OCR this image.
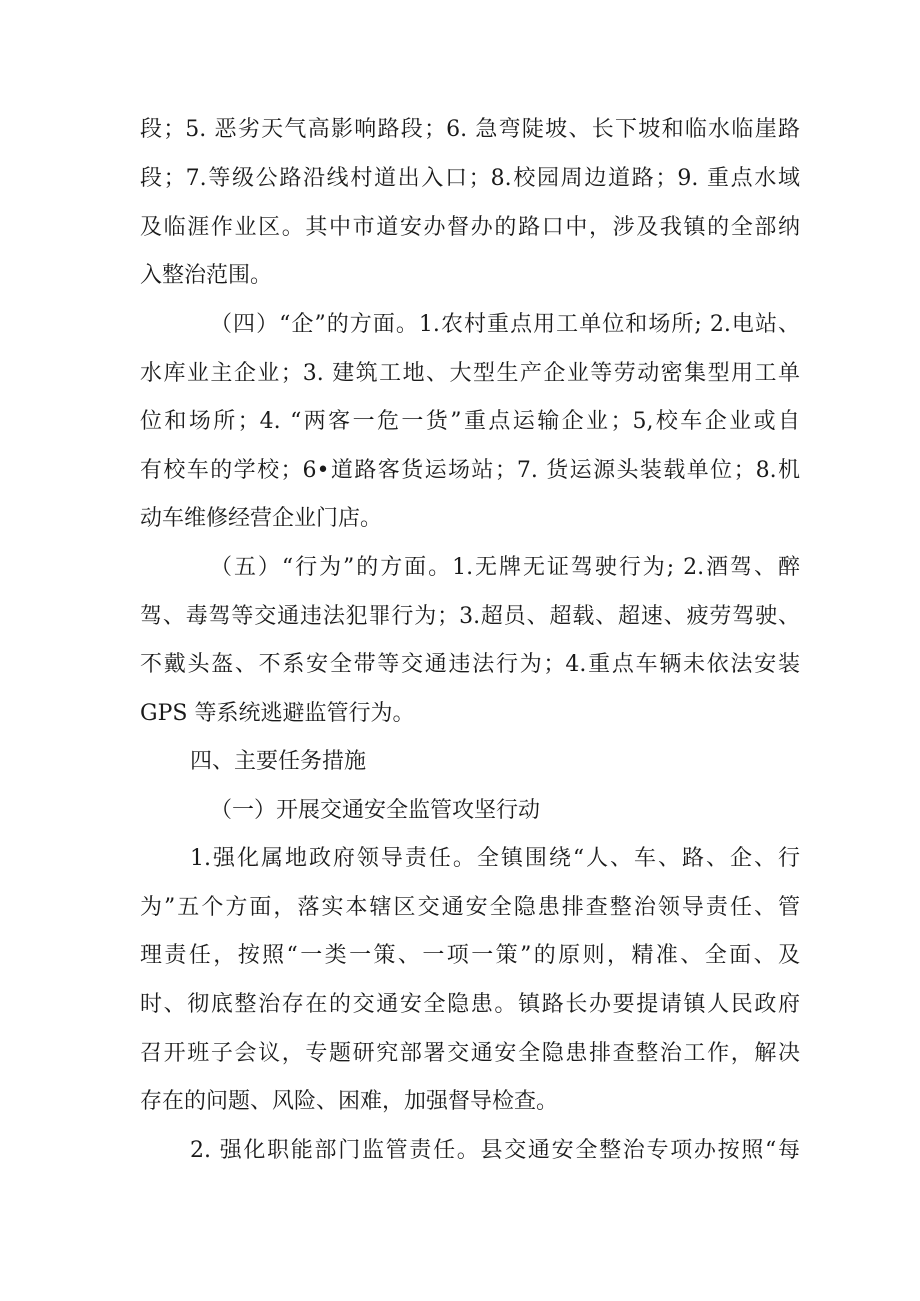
段；5. 恶劣天气高影响路段；6. 急弯陡坡、长下坡和临水临崖路
段；7.等级公路沿线村道出入口；8.校园周边道路；9. 重点水域
及临涯作业区。其中市道安办督办的路口中，涉及我镇的全部纳
入整治范围。
（四）“企”的方面。1.农村重点用工单位和场所; 2.电站、
水库业主企业；3. 建筑工地、大型生产企业等劳动密集型用工单
位和场所；4. “两客一危一货”重点运输企业；5,校车企业或自
有校车的学校；6•道路客货运场站；7. 货运源头装载单位；8.机
动车维修经营企业门店。
（五）“行为”的方面。1.无牌无证驾驶行为; 2.酒驾、醉
驾、毒驾等交通违法犯罪行为；3.超员、超载、超速、疲劳驾驶、
不戴头盔、不系安全带等交通违法行为；4.重点车辆未依法安装
GPS 等系统逃避监管行为。
四、主要任务措施
（一）开展交通安全监管攻坚行动
1.强化属地政府领导责任。全镇围绕“人、车、路、企、行
为”五个方面，落实本辖区交通安全隐患排查整治领导责任、管
理责任，按照“一类一策、一项一策”的原则，精准、全面、及
时、彻底整治存在的交通安全隐患。镇路长办要提请镇人民政府
召开班子会议，专题研究部署交通安全隐患排查整治工作，解决
存在的问题、风险、困难，加强督导检查。
2. 强化职能部门监管责任。县交通安全整治专项办按照“每
